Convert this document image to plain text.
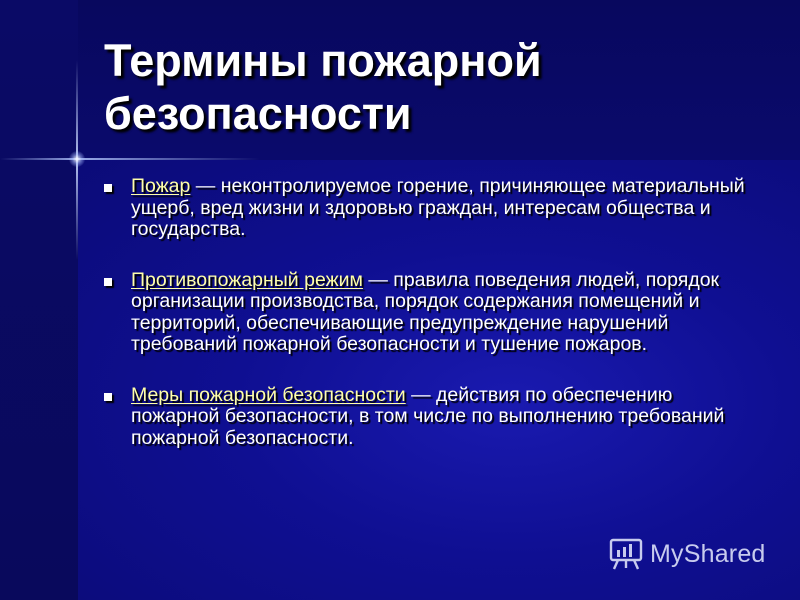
Термины пожарной безопасности
Пожар — неконтролируемое горение, причиняющее материальный ущерб, вред жизни и здоровью граждан, интересам общества и государства.
Противопожарный режим — правила поведения людей, порядок организации производства, порядок содержания помещений и территорий, обеспечивающие предупреждение нарушений требований пожарной безопасности и тушение пожаров.
Меры пожарной безопасности — действия по обеспечению пожарной безопасности, в том числе по выполнению требований пожарной безопасности.
MyShared
